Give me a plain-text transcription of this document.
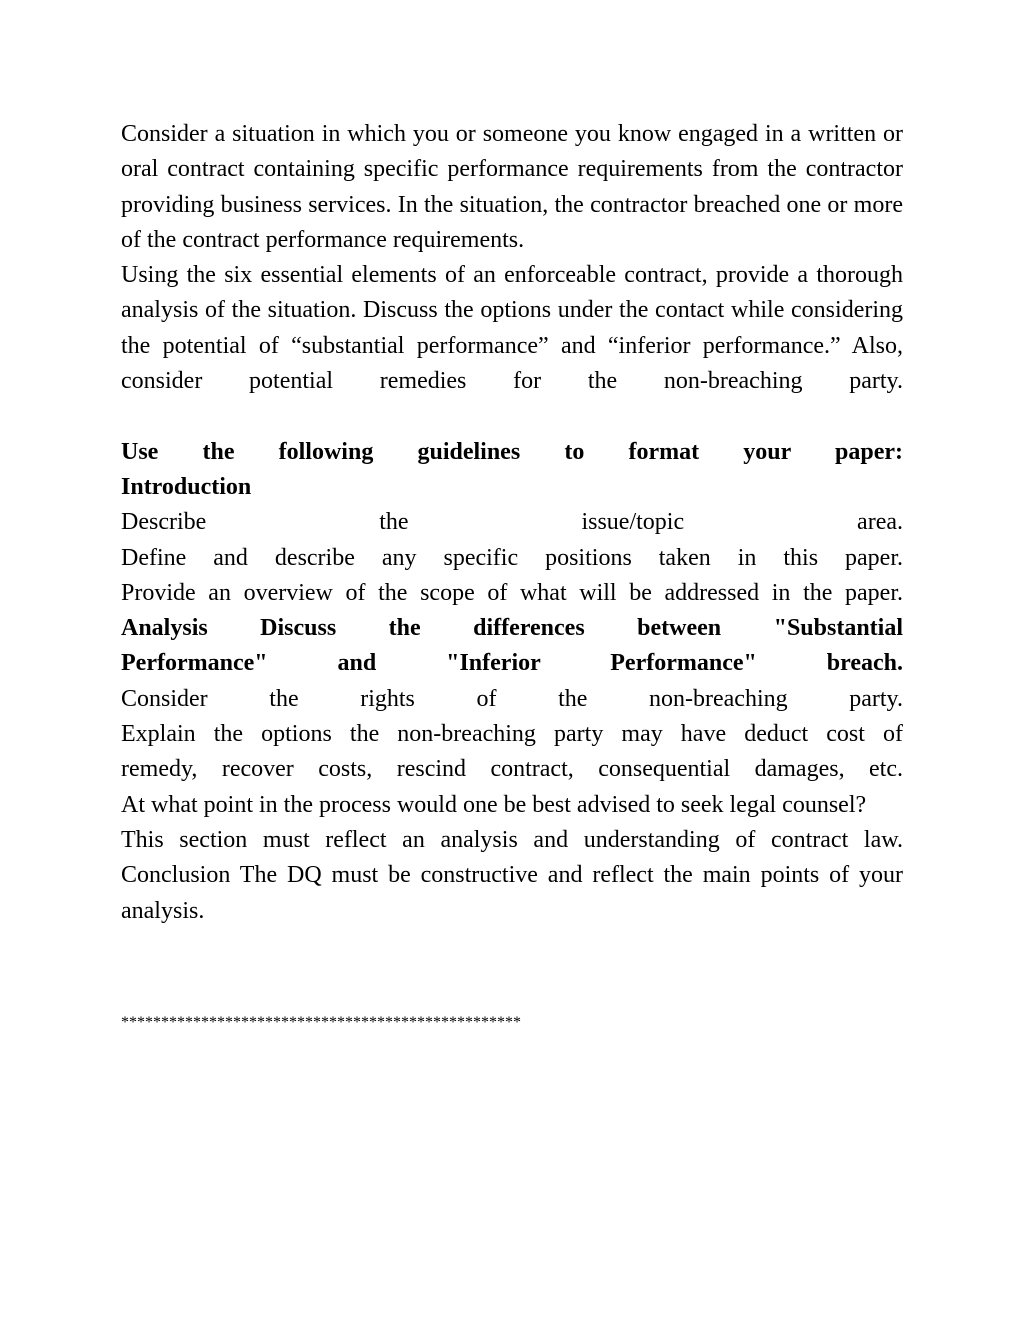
Consider a situation in which you or someone you know engaged in a written or oral contract containing specific performance requirements from the contractor providing business services. In the situation, the contractor breached one or more of the contract performance requirements.

Using the six essential elements of an enforceable contract, provide a thorough analysis of the situation. Discuss the options under the contact while considering the potential of “substantial performance” and “inferior performance.” Also, consider potential remedies for the non-breaching party.

Use the following guidelines to format your paper:

Introduction

Describe the issue/topic area.

Define and describe any specific positions taken in this paper.

Provide an overview of the scope of what will be addressed in the paper.

Analysis Discuss the differences between "Substantial

Performance" and "Inferior Performance" breach.

Consider the rights of the non-breaching party.

Explain the options the non-breaching party may have deduct cost of

remedy, recover costs, rescind contract, consequential damages, etc.

At what point in the process would one be best advised to seek legal counsel?

This section must reflect an analysis and understanding of contract law.

Conclusion The DQ must be constructive and reflect the main points of your analysis.

**************************************************
